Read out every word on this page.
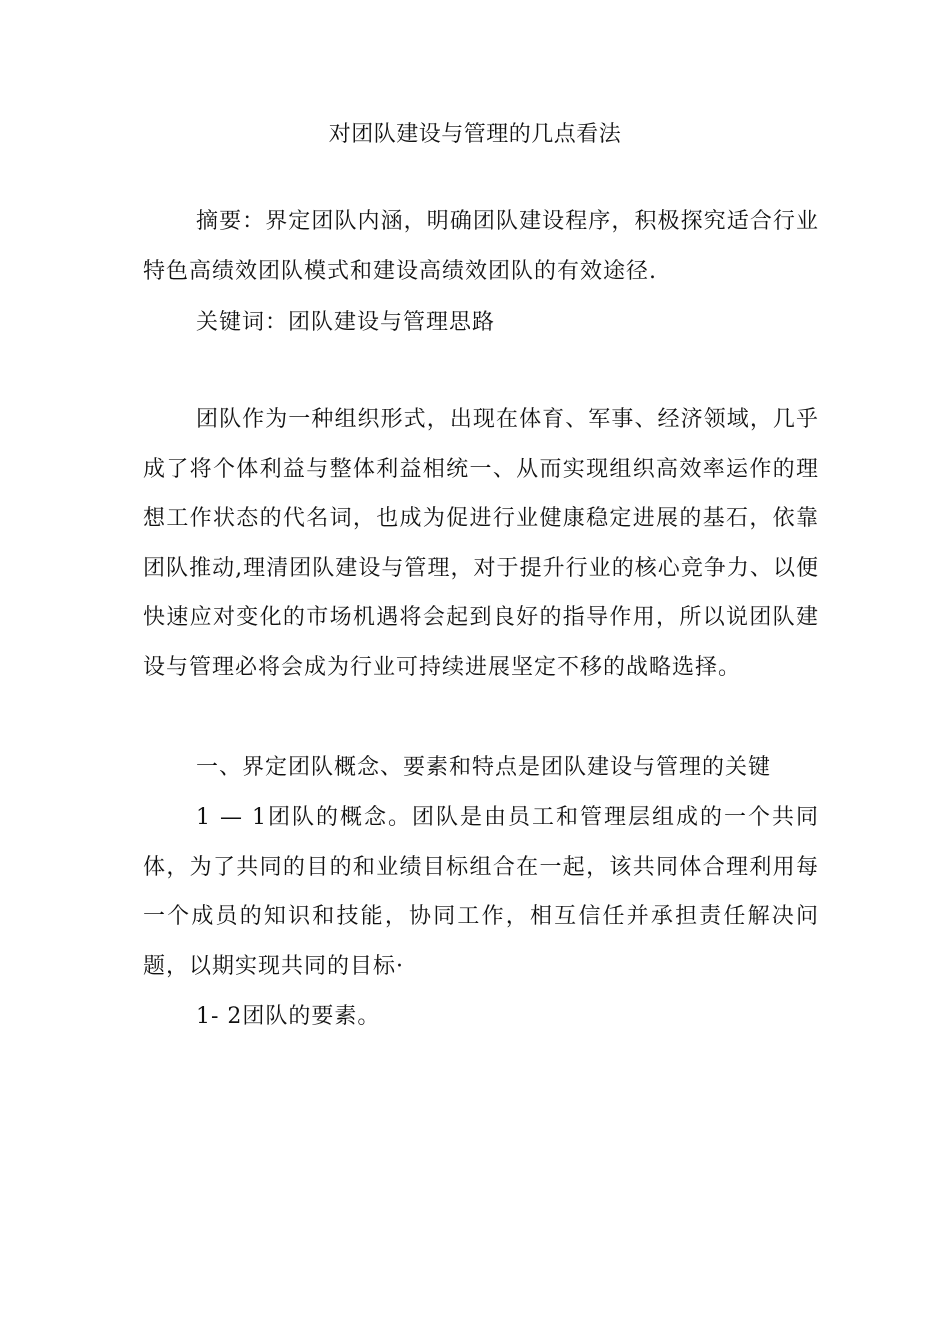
对团队建设与管理的几点看法

摘要：界定团队内涵，明确团队建设程序，积极探究适合行业特色高绩效团队模式和建设高绩效团队的有效途径.

关键词：团队建设与管理思路

团队作为一种组织形式，出现在体育、军事、经济领域，几乎成了将个体利益与整体利益相统一、从而实现组织高效率运作的理想工作状态的代名词，也成为促进行业健康稳定进展的基石，依靠团队推动,理清团队建设与管理，对于提升行业的核心竞争力、以便快速应对变化的市场机遇将会起到良好的指导作用，所以说团队建设与管理必将会成为行业可持续进展坚定不移的战略选择。

一、界定团队概念、要素和特点是团队建设与管理的关键

1 — 1团队的概念。团队是由员工和管理层组成的一个共同体，为了共同的目的和业绩目标组合在一起，该共同体合理利用每一个成员的知识和技能，协同工作，相互信任并承担责任解决问题，以期实现共同的目标·

1- 2团队的要素。
